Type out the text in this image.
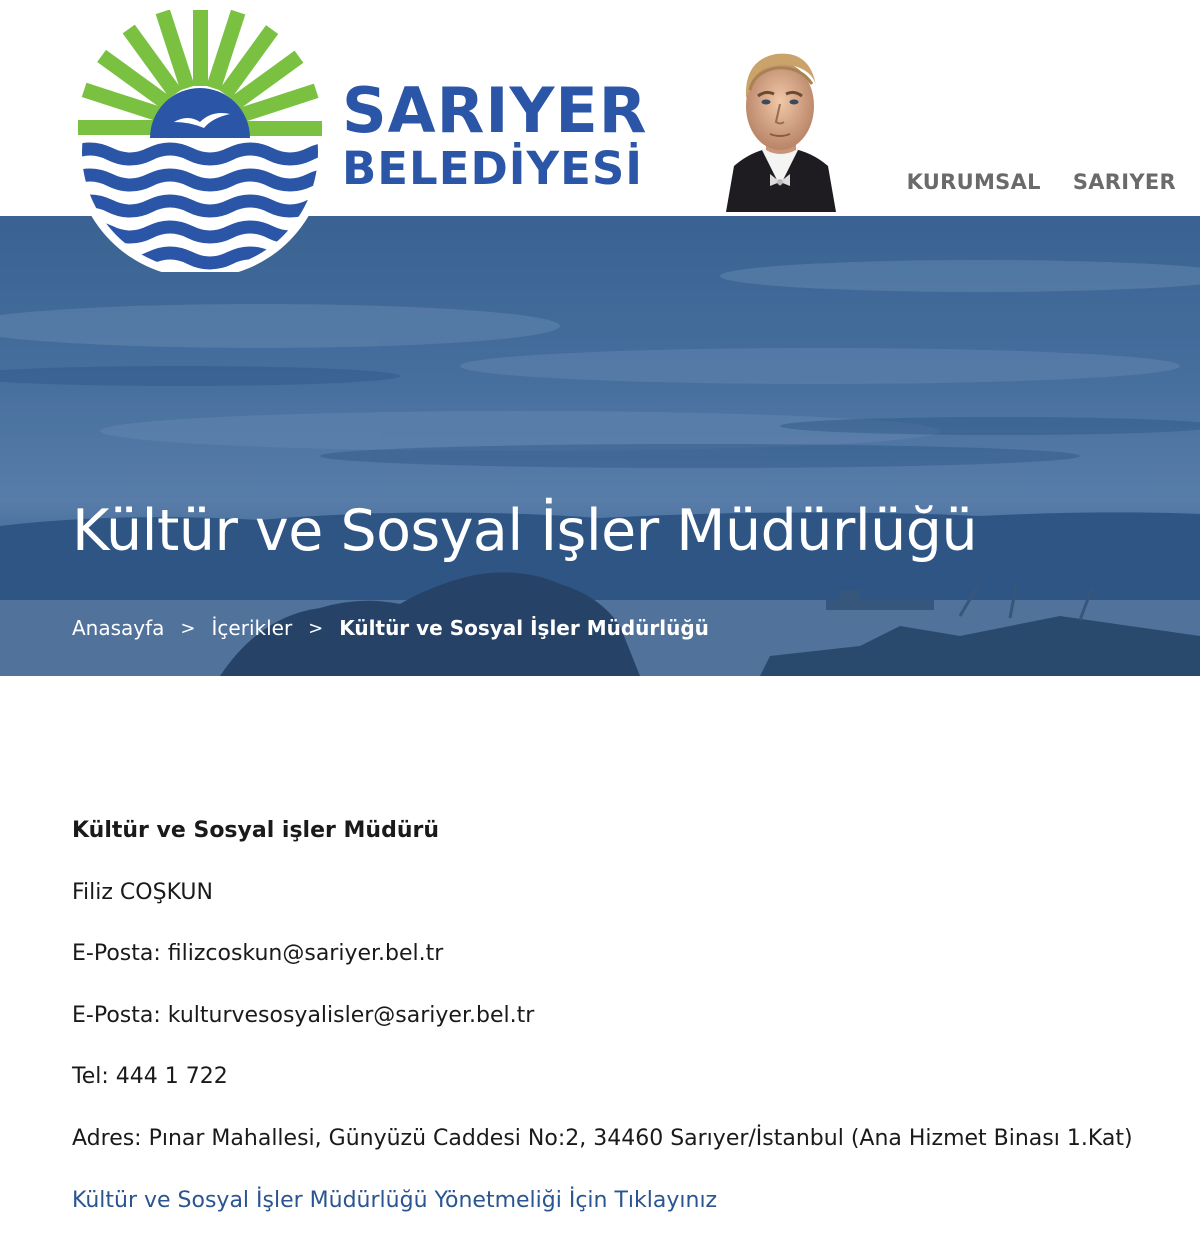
SARIYER
BELEDİYESİ	KURUMSAL SARIYER
Kültür ve Sosyal İşler Müdürlüğü
Anasayfa > İçerikler > Kültür ve Sosyal İşler Müdürlüğü

Kültür ve Sosyal işler Müdürü

Filiz COŞKUN

E-Posta: filizcoskun@sariyer.bel.tr

E-Posta: kulturvesosyalisler@sariyer.bel.tr

Tel: 444 1 722

Adres: Pınar Mahallesi, Günyüzü Caddesi No:2, 34460 Sarıyer/İstanbul (Ana Hizmet Binası 1.Kat)

Kültür ve Sosyal İşler Müdürlüğü Yönetmeliği İçin Tıklayınız
